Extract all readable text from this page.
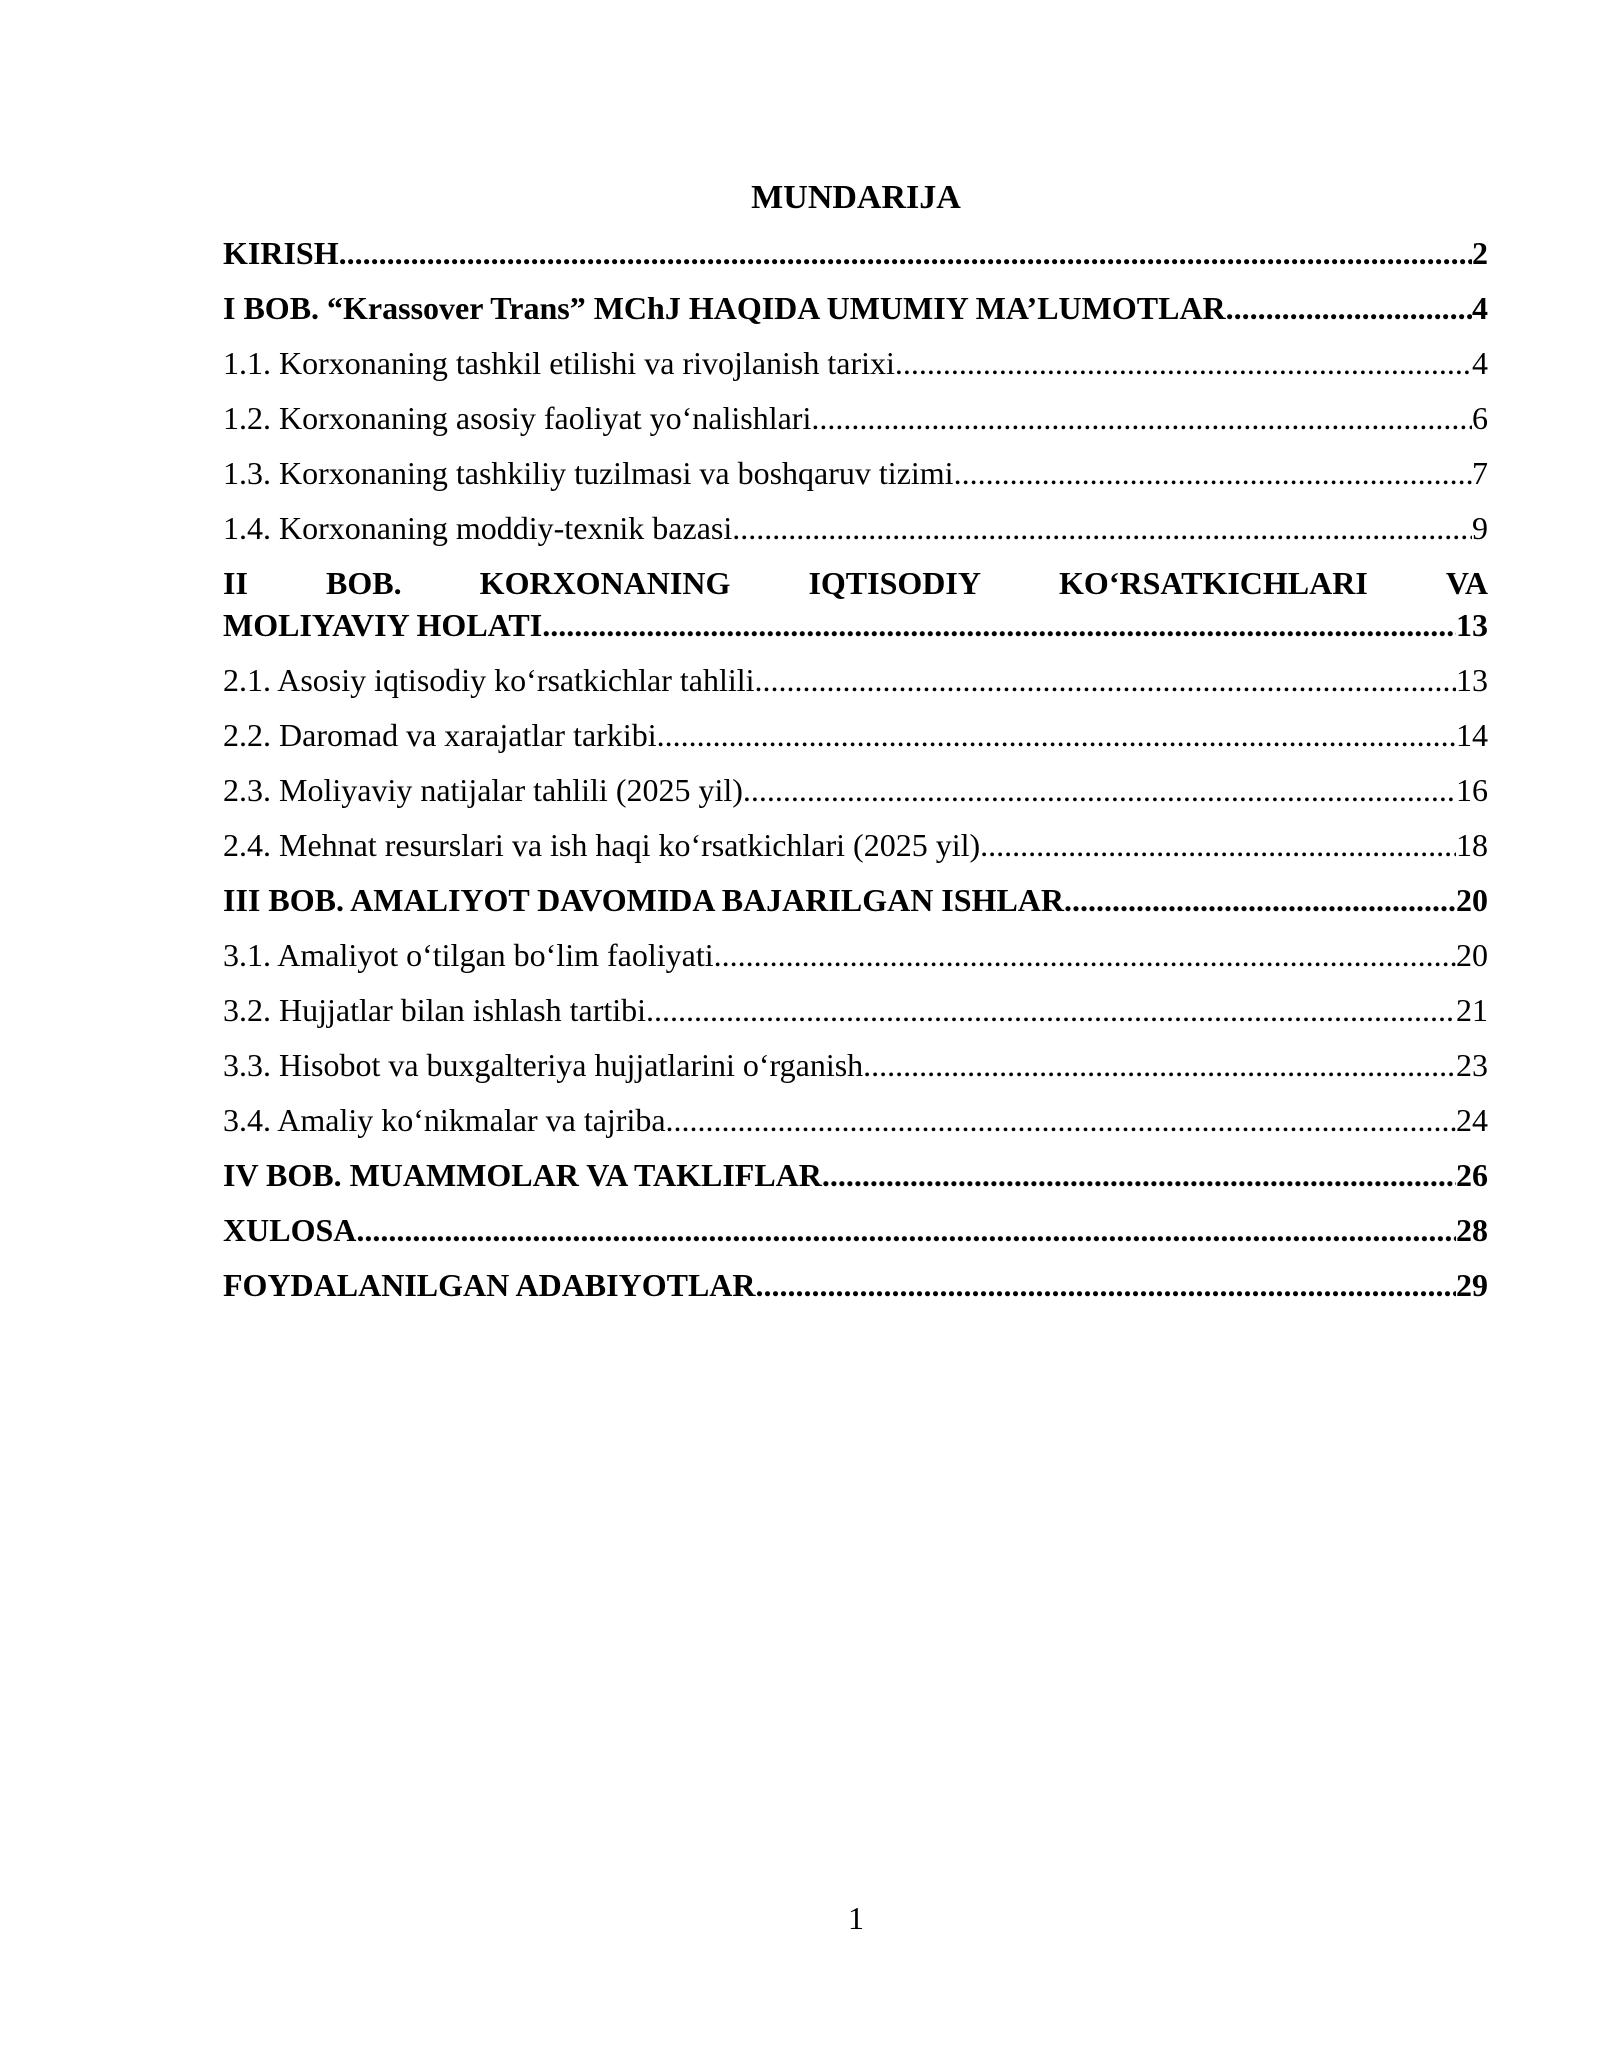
MUNDARIJA
KIRISH .....	2
I BOB. “Krassover Trans” MChJ HAQIDA UMUMIY MA’LUMOTLAR .....	4
1.1. Korxonaning tashkil etilishi va rivojlanish tarixi .....	4
1.2. Korxonaning asosiy faoliyat yo‘nalishlari .....	6
1.3. Korxonaning tashkiliy tuzilmasi va boshqaruv tizimi .....	7
1.4. Korxonaning moddiy-texnik bazasi .....	9
II BOB. KORXONANING IQTISODIY KO‘RSATKICHLARI VA
MOLIYAVIY HOLATI .....	13
2.1. Asosiy iqtisodiy ko‘rsatkichlar tahlili .....	13
2.2. Daromad va xarajatlar tarkibi .....	14
2.3. Moliyaviy natijalar tahlili (2025 yil) .....	16
2.4. Mehnat resurslari va ish haqi ko‘rsatkichlari (2025 yil) .....	18
III BOB. AMALIYOT DAVOMIDA BAJARILGAN ISHLAR .....	20
3.1. Amaliyot o‘tilgan bo‘lim faoliyati .....	20
3.2. Hujjatlar bilan ishlash tartibi .....	21
3.3. Hisobot va buxgalteriya hujjatlarini o‘rganish .....	23
3.4. Amaliy ko‘nikmalar va tajriba .....	24
IV BOB. MUAMMOLAR VA TAKLIFLAR .....	26
XULOSA .....	28
FOYDALANILGAN ADABIYOTLAR .....	29
1
